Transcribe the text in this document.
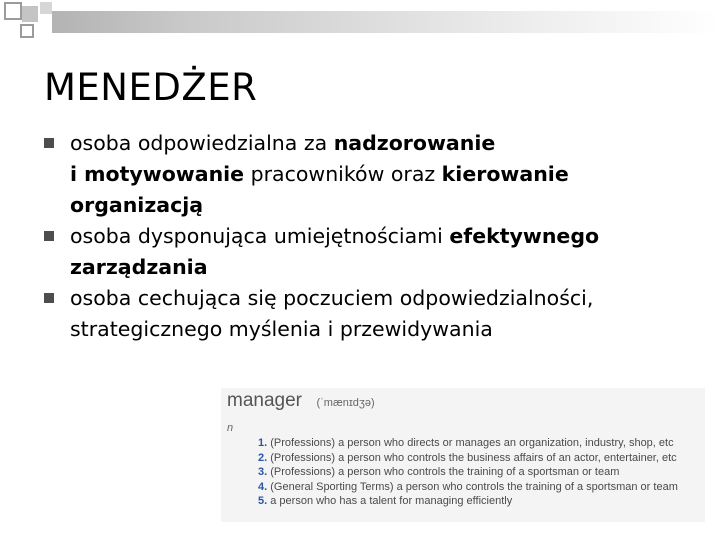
MENEDŻER
osoba odpowiedzialna za nadzorowanie
i motywowanie pracowników oraz kierowanie
organizacją
osoba dysponująca umiejętnościami efektywnego
zarządzania
osoba cechująca się poczuciem odpowiedzialności,
strategicznego myślenia i przewidywania
manager (ˈmænɪdʒə)
n
1. (Professions) a person who directs or manages an organization, industry, shop, etc
2. (Professions) a person who controls the business affairs of an actor, entertainer, etc
3. (Professions) a person who controls the training of a sportsman or team
4. (General Sporting Terms) a person who controls the training of a sportsman or team
5. a person who has a talent for managing efficiently
